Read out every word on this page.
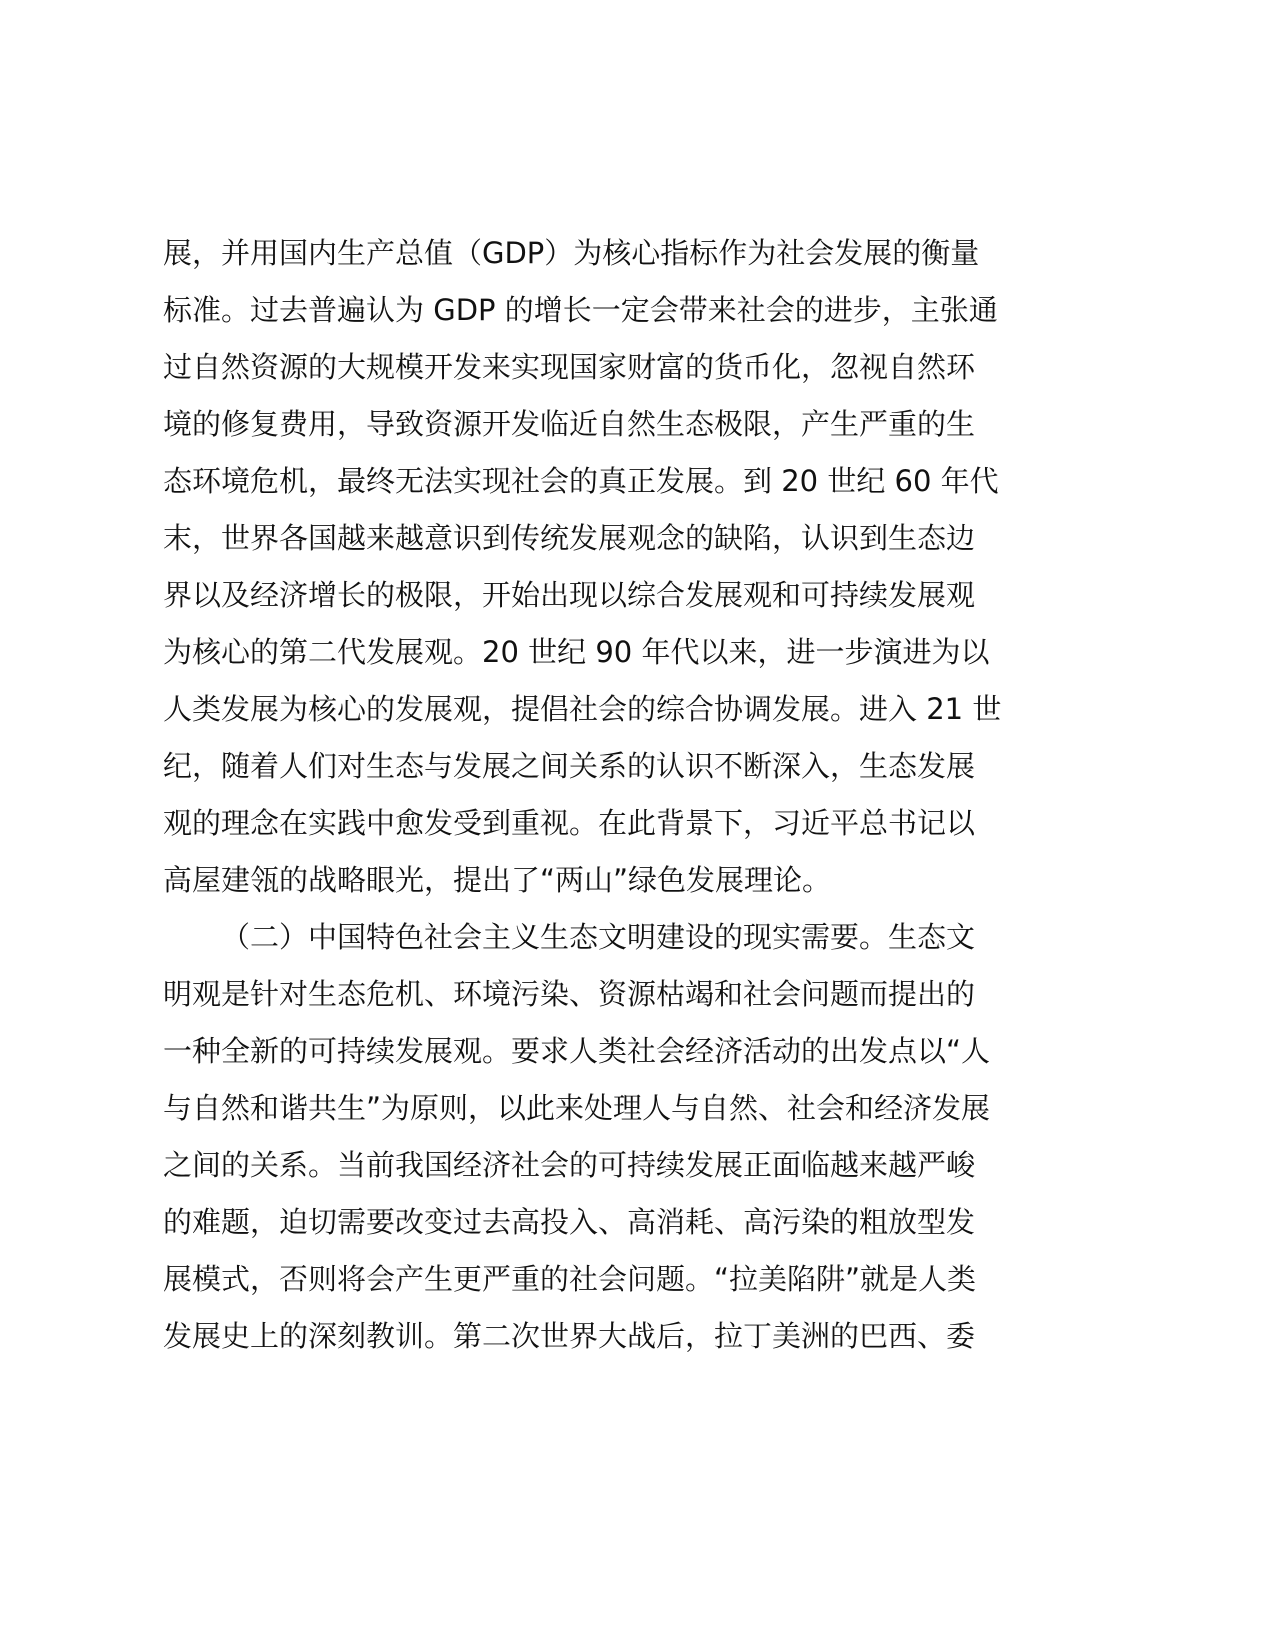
展，并用国内生产总值（GDP）为核心指标作为社会发展的衡量
标准。过去普遍认为 GDP 的增长一定会带来社会的进步，主张通
过自然资源的大规模开发来实现国家财富的货币化，忽视自然环
境的修复费用，导致资源开发临近自然生态极限，产生严重的生
态环境危机，最终无法实现社会的真正发展。到 20 世纪 60 年代
末，世界各国越来越意识到传统发展观念的缺陷，认识到生态边
界以及经济增长的极限，开始出现以综合发展观和可持续发展观
为核心的第二代发展观。20 世纪 90 年代以来，进一步演进为以
人类发展为核心的发展观，提倡社会的综合协调发展。进入 21 世
纪，随着人们对生态与发展之间关系的认识不断深入，生态发展
观的理念在实践中愈发受到重视。在此背景下，习近平总书记以
高屋建瓴的战略眼光，提出了“两山”绿色发展理论。
（二）中国特色社会主义生态文明建设的现实需要。生态文
明观是针对生态危机、环境污染、资源枯竭和社会问题而提出的
一种全新的可持续发展观。要求人类社会经济活动的出发点以“人
与自然和谐共生”为原则，以此来处理人与自然、社会和经济发展
之间的关系。当前我国经济社会的可持续发展正面临越来越严峻
的难题，迫切需要改变过去高投入、高消耗、高污染的粗放型发
展模式，否则将会产生更严重的社会问题。“拉美陷阱”就是人类
发展史上的深刻教训。第二次世界大战后，拉丁美洲的巴西、委
